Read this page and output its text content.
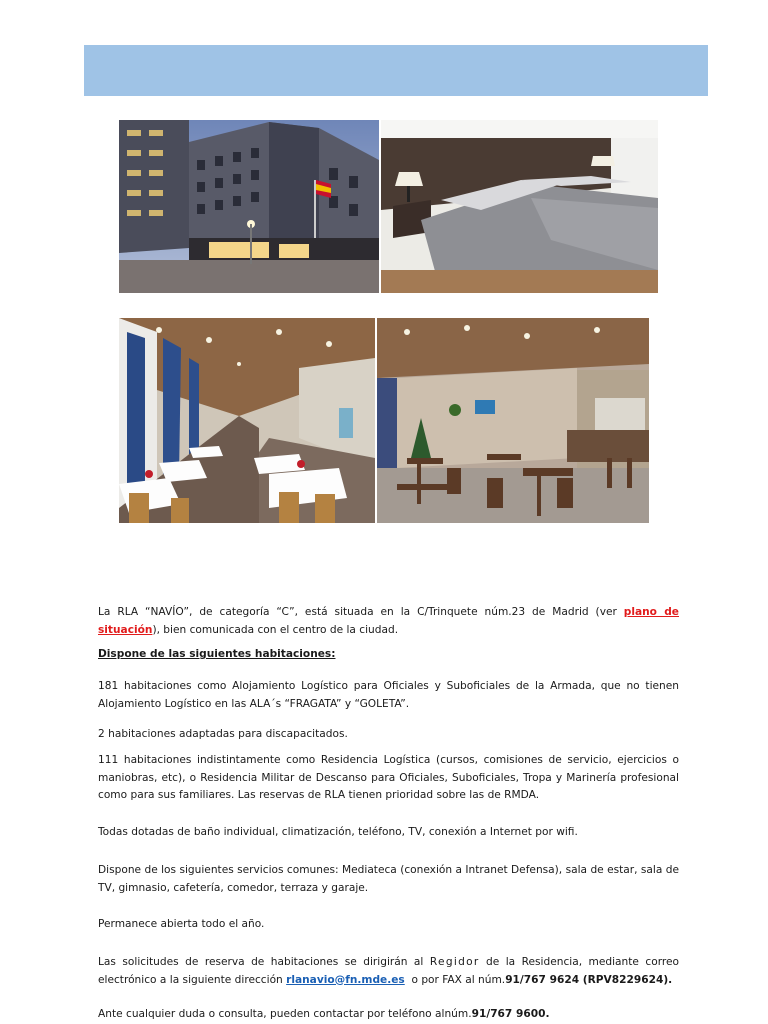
La RLA “NAVÍO”, de categoría “C”, está situada en la C/Trinquete núm.23 de Madrid (ver plano de situación), bien comunicada con el centro de la ciudad.

Dispone de las siguientes habitaciones:

181 habitaciones como Alojamiento Logístico para Oficiales y Suboficiales de la Armada, que no tienen Alojamiento Logístico en las ALA´s “FRAGATA” y “GOLETA”.

2 habitaciones adaptadas para discapacitados.

111 habitaciones indistintamente como Residencia Logística (cursos, comisiones de servicio, ejercicios o maniobras, etc), o Residencia Militar de Descanso para Oficiales, Suboficiales, Tropa y Marinería profesional como para sus familiares. Las reservas de RLA tienen prioridad sobre las de RMDA.

Todas dotadas de baño individual, climatización, teléfono, TV, conexión a Internet por wifi.

Dispone de los siguientes servicios comunes: Mediateca (conexión a Intranet Defensa), sala de estar, sala de TV, gimnasio, cafetería, comedor, terraza y garaje.

Permanece abierta todo el año.

Las solicitudes de reserva de habitaciones se dirigirán al Regidor de la Residencia, mediante correo electrónico a la siguiente dirección rlanavio@fn.mde.es  o por FAX al núm.91/767 9624 (RPV8229624).

Ante cualquier duda o consulta, pueden contactar por teléfono alnúm.91/767 9600.
